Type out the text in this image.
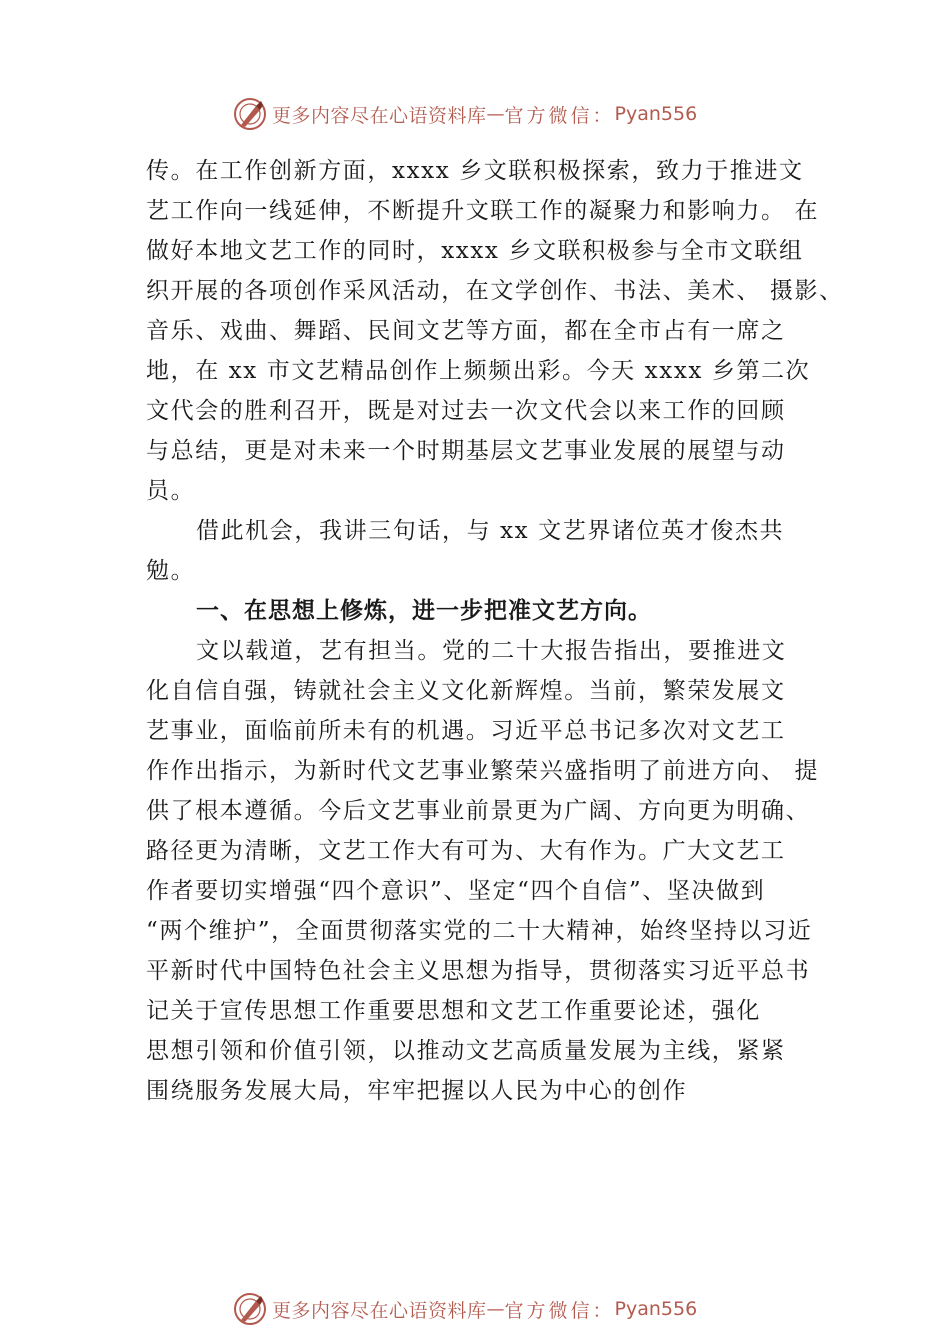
更多内容尽在心语资料库 — 官方微信： Pyan556
传。在工作创新方面，xxxx 乡文联积极探索，致力于推进文
艺工作向一线延伸，不断提升文联工作的凝聚力和影响力。 在
做好本地文艺工作的同时，xxxx 乡文联积极参与全市文联组
织开展的各项创作采风活动，在文学创作、书法、美术、 摄影、
音乐、戏曲、舞蹈、民间文艺等方面，都在全市占有一席之
地，在 xx 市文艺精品创作上频频出彩。今天 xxxx 乡第二次
文代会的胜利召开，既是对过去一次文代会以来工作的回顾
与总结，更是对未来一个时期基层文艺事业发展的展望与动
员。
借此机会，我讲三句话，与 xx 文艺界诸位英才俊杰共
勉。
一、在思想上修炼，进一步把准文艺方向。
文以载道，艺有担当。党的二十大报告指出，要推进文
化自信自强，铸就社会主义文化新辉煌。当前，繁荣发展文
艺事业，面临前所未有的机遇。习近平总书记多次对文艺工
作作出指示，为新时代文艺事业繁荣兴盛指明了前进方向、 提
供了根本遵循。今后文艺事业前景更为广阔、方向更为明确、
路径更为清晰，文艺工作大有可为、大有作为。广大文艺工
作者要切实增强“四个意识”、坚定“四个自信”、坚决做到
“两个维护”，全面贯彻落实党的二十大精神，始终坚持以习近
平新时代中国特色社会主义思想为指导，贯彻落实习近平总书
记关于宣传思想工作重要思想和文艺工作重要论述，强化
思想引领和价值引领，以推动文艺高质量发展为主线，紧紧
围绕服务发展大局，牢牢把握以人民为中心的创作
更多内容尽在心语资料库 — 官方微信： Pyan556
